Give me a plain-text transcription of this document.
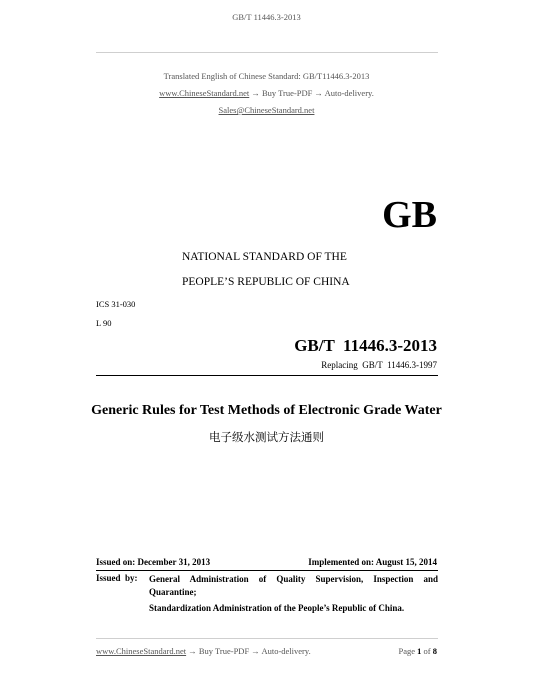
GB/T 11446.3-2013
Translated English of Chinese Standard: GB/T11446.3-2013
www.ChineseStandard.net → Buy True-PDF → Auto-delivery.
Sales@ChineseStandard.net
GB
NATIONAL STANDARD OF THE
PEOPLE’S REPUBLIC OF CHINA
ICS 31-030
L 90
GB/T  11446.3-2013
Replacing  GB/T  11446.3-1997
Generic Rules for Test Methods of Electronic Grade Water
电子级水测试方法通则
Issued on: December 31, 2013	Implemented on: August 15, 2014
Issued  by: General  Administration  of  Quality  Supervision,  Inspection  and Quarantine;
Standardization Administration of the People’s Republic of China.
www.ChineseStandard.net → Buy True-PDF → Auto-delivery.	Page 1 of 8
